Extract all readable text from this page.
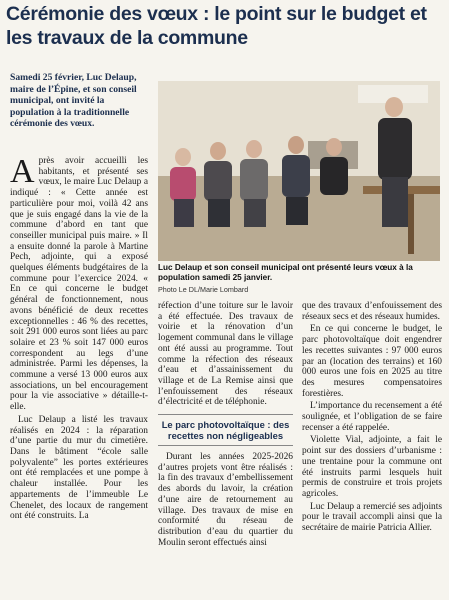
Cérémonie des vœux : le point sur le budget et les travaux de la commune
Samedi 25 février, Luc Delaup, maire de l’Épine, et son conseil municipal, ont invité la population à la traditionnelle cérémonie des vœux.
Luc Delaup et son conseil municipal ont présenté leurs vœux à la population samedi 25 janvier.
Photo Le DL/Marie Lombard

Après avoir accueilli les habitants, et présenté ses vœux, le maire Luc Delaup a indiqué : « Cette année est particulière pour moi, voilà 42 ans que je suis engagé dans la vie de la commune d’abord en tant que conseiller municipal puis maire. » Il a ensuite donné la parole à Martine Pech, adjointe, qui a exposé quelques éléments budgétaires de la commune pour l’exercice 2024. « En ce qui concerne le budget général de fonctionnement, nous avons bénéficié de deux recettes exceptionnelles : 46 % des recettes, soit 291 000 euros sont liées au parc solaire et 23 % soit 147 000 euros correspondent au legs d’une administrée. Parmi les dépenses, la commune a versé 13 000 euros aux associations, un bel encouragement pour la vie associative » détaille-t-elle.

Luc Delaup a listé les travaux réalisés en 2024 : la réparation d’une partie du mur du cimetière. Dans le bâtiment “école salle polyvalente” les portes extérieures ont été remplacées et une pompe à chaleur installée. Pour les appartements de l’immeuble Le Chenelet, des locaux de rangement ont été construits. La

réfection d’une toiture sur le lavoir a été effectuée. Des travaux de voirie et la rénovation d’un logement communal dans le village ont été aussi au programme. Tout comme la réfection des réseaux d’eau et d’assainissement du village et de La Remise ainsi que l’enfouissement des réseaux d’électricité et de téléphonie.

Le parc photovoltaïque : des recettes non négligeables

Durant les années 2025-2026 d’autres projets vont être réalisés : la fin des travaux d’embellissement des abords du lavoir, la création d’une aire de retournement au village. Des travaux de mise en conformité du réseau de distribution d’eau du quartier du Moulin seront effectués ainsi

que des travaux d’enfouissement des réseaux secs et des réseaux humides.

En ce qui concerne le budget, le parc photovoltaïque doit engendrer les recettes suivantes : 97 000 euros par an (location des terrains) et 160 000 euros une fois en 2025 au titre des mesures compensatoires forestières.

L’importance du recensement a été soulignée, et l’obligation de se faire recenser a été rappelée.

Violette Vial, adjointe, a fait le point sur des dossiers d’urbanisme : une trentaine pour la commune ont été instruits parmi lesquels huit permis de construire et trois projets agricoles.

Luc Delaup a remercié ses adjoints pour le travail accompli ainsi que la secrétaire de mairie Patricia Allier.
